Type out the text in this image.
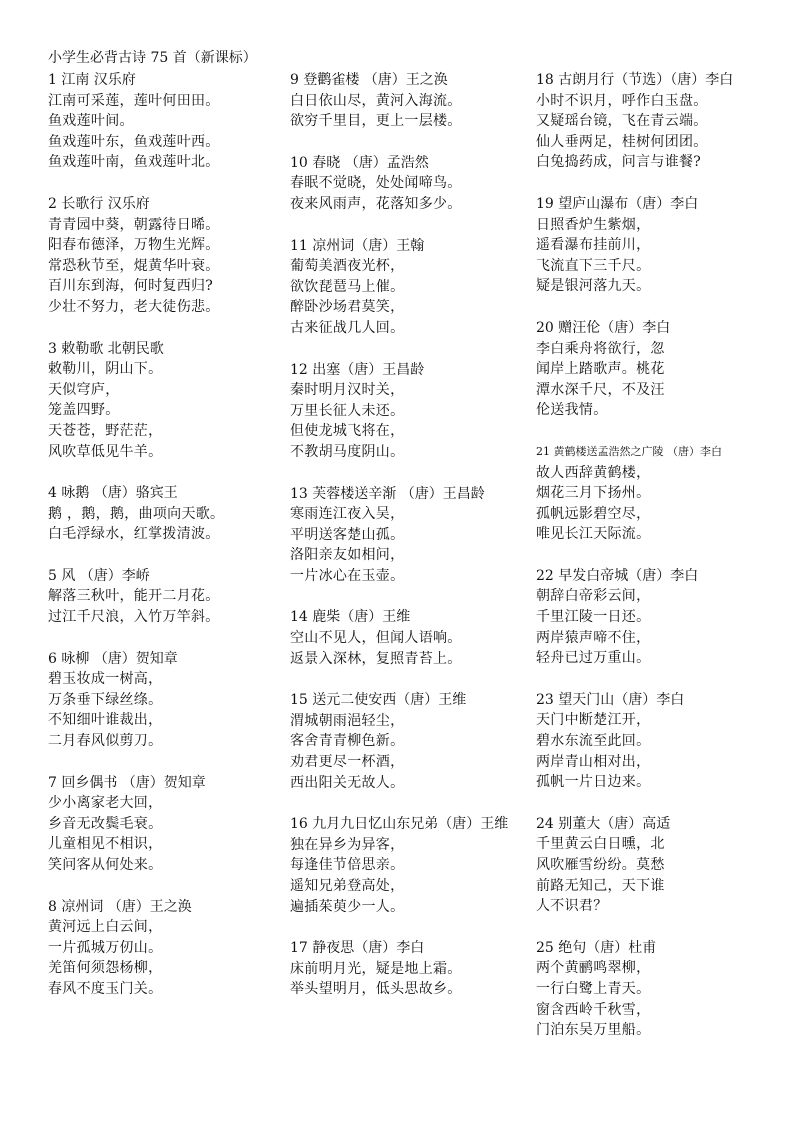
小学生必背古诗 75 首（新课标）
1 江南 汉乐府
江南可采莲，莲叶何田田。
鱼戏莲叶间。
鱼戏莲叶东，鱼戏莲叶西。
鱼戏莲叶南，鱼戏莲叶北。
2 长歌行 汉乐府
青青园中葵，朝露待日晞。
阳春布德泽，万物生光辉。
常恐秋节至，焜黄华叶衰。
百川东到海，何时复西归?
少壮不努力，老大徒伤悲。
3 敕勒歌 北朝民歌
敕勒川，阴山下。
天似穹庐，
笼盖四野。
天苍苍，野茫茫，
风吹草低见牛羊。
4 咏鹅 （唐）骆宾王
鹅 ，鹅，鹅，曲项向天歌。
白毛浮绿水，红掌拨清波。
5 风 （唐）李峤
解落三秋叶，能开二月花。
过江千尺浪，入竹万竿斜。
6 咏柳 （唐）贺知章
碧玉妆成一树高，
万条垂下绿丝绦。
不知细叶谁裁出，
二月春风似剪刀。
7 回乡偶书 （唐）贺知章
少小离家老大回，
乡音无改鬓毛衰。
儿童相见不相识，
笑问客从何处来。
8 凉州词 （唐）王之涣
黄河远上白云间，
一片孤城万仞山。
羌笛何须怨杨柳，
春风不度玉门关。
9 登鹳雀楼 （唐）王之涣
白日依山尽，黄河入海流。
欲穷千里目，更上一层楼。
10 春晓 （唐）孟浩然
春眠不觉晓，处处闻啼鸟。
夜来风雨声，花落知多少。
11 凉州词（唐）王翰
葡萄美酒夜光杯，
欲饮琵琶马上催。
醉卧沙场君莫笑，
古来征战几人回。
12 出塞（唐）王昌龄
秦时明月汉时关，
万里长征人未还。
但使龙城飞将在，
不教胡马度阴山。
13 芙蓉楼送辛渐 （唐）王昌龄
寒雨连江夜入吴，
平明送客楚山孤。
洛阳亲友如相问，
一片冰心在玉壶。
14 鹿柴（唐）王维
空山不见人，但闻人语响。
返景入深林，复照青苔上。
15 送元二使安西（唐）王维
渭城朝雨浥轻尘，
客舍青青柳色新。
劝君更尽一杯酒，
西出阳关无故人。
16 九月九日忆山东兄弟（唐）王维
独在异乡为异客，
每逢佳节倍思亲。
遥知兄弟登高处，
遍插茱萸少一人。
17 静夜思（唐）李白
床前明月光，疑是地上霜。
举头望明月，低头思故乡。
18 古朗月行（节选）（唐）李白
小时不识月，呼作白玉盘。
又疑瑶台镜，飞在青云端。
仙人垂两足，桂树何团团。
白兔捣药成，问言与谁餐?
19 望庐山瀑布（唐）李白
日照香炉生紫烟，
遥看瀑布挂前川，
飞流直下三千尺。
疑是银河落九天。
20 赠汪伦（唐）李白
李白乘舟将欲行，忽
闻岸上踏歌声。桃花
潭水深千尺，不及汪
伦送我情。
21 黄鹤楼送孟浩然之广陵 （唐）李白
故人西辞黄鹤楼，
烟花三月下扬州。
孤帆远影碧空尽，
唯见长江天际流。
22 早发白帝城（唐）李白
朝辞白帝彩云间，
千里江陵一日还。
两岸猿声啼不住，
轻舟已过万重山。
23 望天门山（唐）李白
天门中断楚江开，
碧水东流至此回。
两岸青山相对出，
孤帆一片日边来。
24 别董大（唐）高适
千里黄云白日曛，北
风吹雁雪纷纷。莫愁
前路无知己，天下谁
人不识君？
25 绝句（唐）杜甫
两个黄鹂鸣翠柳，
一行白鹭上青天。
窗含西岭千秋雪，
门泊东吴万里船。
